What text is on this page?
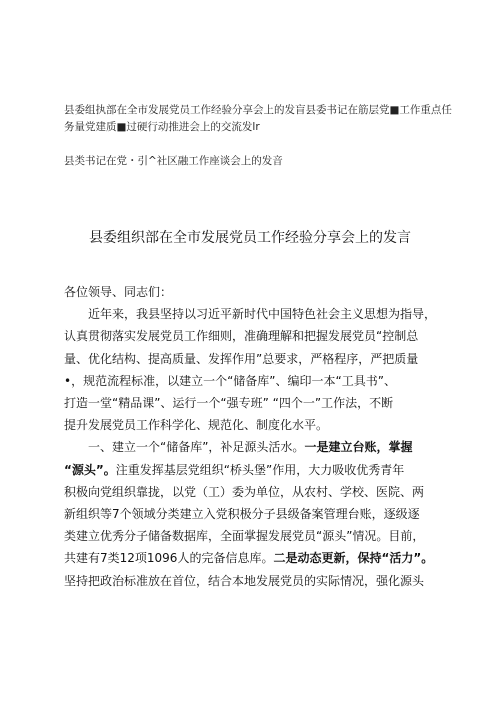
县委组执部在全市发展党员工作经验分享会上的发盲县委书记在筋层党■工作重点任
务量党建质■过硬行动推进会上的交流发lr
县类书记在党・引^社区融工作座谈会上的发音
县委组织部在全市发展党员工作经验分享会上的发言
各位领导、同志们：
近年来，我县坚持以习近平新时代中国特色社会主义思想为指导，
认真贯彻落实发展党员工作细则，准确理解和把握发展党员“控制总
量、优化结构、提高质量、发挥作用”总要求，严格程序，严把质量
•，规范流程标准，以建立一个“储备库”、编印一本“工具书”、
打造一堂“精品课”、运行一个“强专班” “四个一”工作法，不断
提升发展党员工作科学化、规范化、制度化水平。
一、建立一个“储备库”，补足源头活水。一是建立台账，掌握
“源头”。注重发挥基层党组织“桥头堡”作用，大力吸收优秀青年
积极向党组织靠拢，以党（工）委为单位，从农村、学校、医院、两
新组织等7个领域分类建立入党积极分子县级备案管理台账，逐级逐
类建立优秀分子储备数据库，全面掌握发展党员“源头”情况。目前，
共建有7类12项1096人的完备信息库。二是动态更新，保持“活力”。
坚持把政治标准放在首位，结合本地发展党员的实际情况，强化源头
